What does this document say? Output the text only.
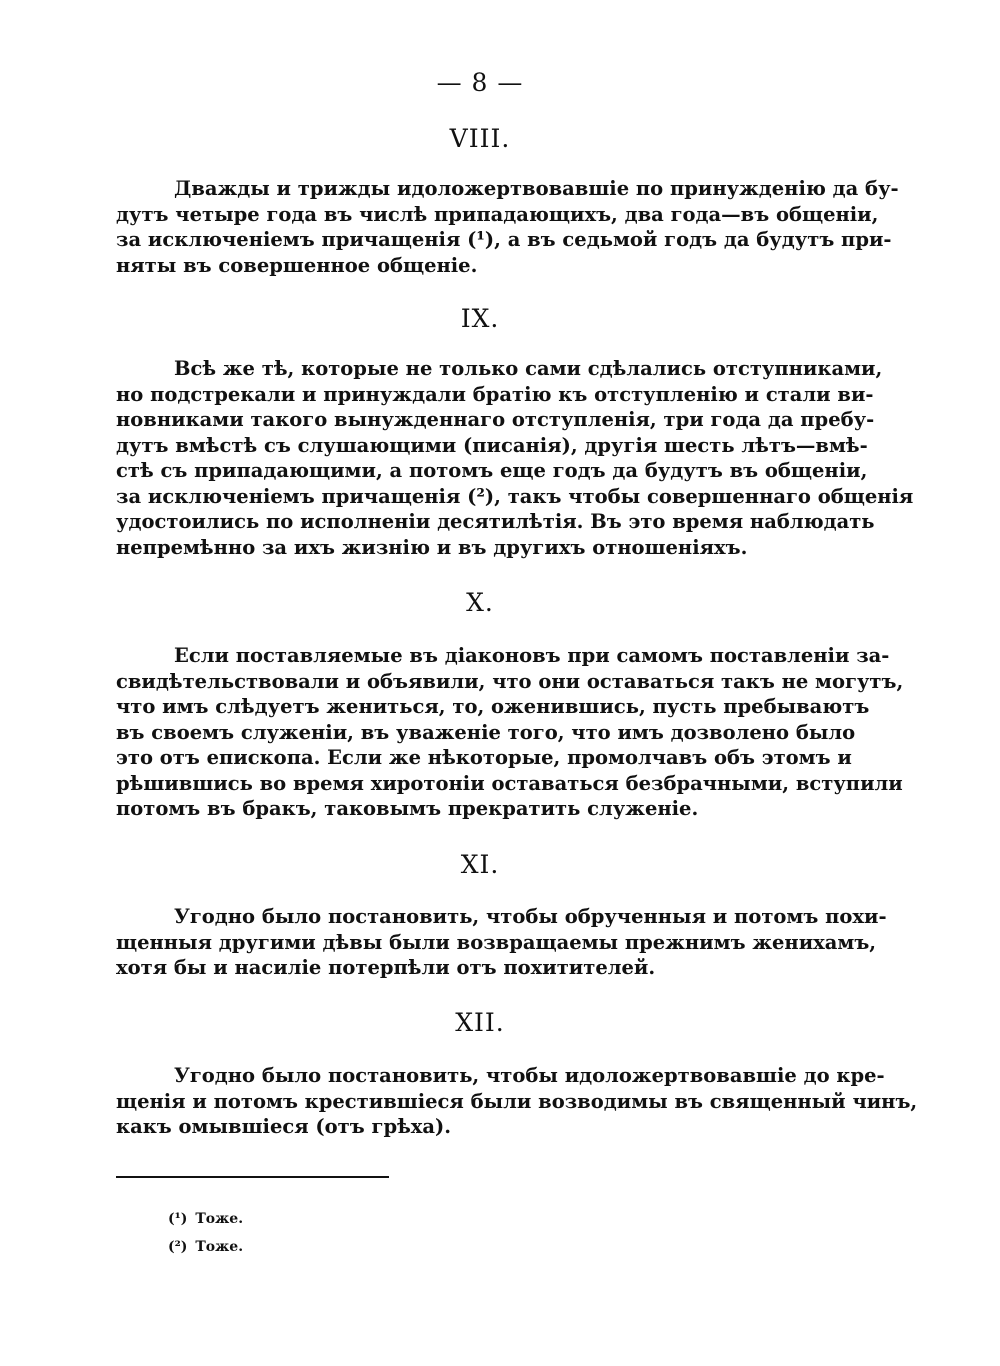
— 8 —
VIII.
Дважды и трижды идоложертвовавшіе по принужденію да бу-
дутъ четыре года въ числѣ припадающихъ, два года—въ общеніи,
за исключеніемъ причащенія (¹), а въ седьмой годъ да будутъ при-
няты въ совершенное общеніе.
IX.
Всѣ же тѣ, которые не только сами сдѣлались отступниками,
но подстрекали и принуждали братію къ отступленію и стали ви-
новниками такого вынужденнаго отступленія, три года да пребу-
дутъ вмѣстѣ съ слушающими (писанія), другія шесть лѣтъ—вмѣ-
стѣ съ припадающими, а потомъ еще годъ да будутъ въ общеніи,
за исключеніемъ причащенія (²), такъ чтобы совершеннаго общенія
удостоились по исполненіи десятилѣтія. Въ это время наблюдать
непремѣнно за ихъ жизнію и въ другихъ отношеніяхъ.
X.
Если поставляемые въ діаконовъ при самомъ поставленіи за-
свидѣтельствовали и объявили, что они оставаться такъ не могутъ,
что имъ слѣдуетъ жениться, то, оженившись, пусть пребываютъ
въ своемъ служеніи, въ уваженіе того, что имъ дозволено было
это отъ епископа. Если же нѣкоторые, промолчавъ объ этомъ и
рѣшившись во время хиротоніи оставаться безбрачными, вступили
потомъ въ бракъ, таковымъ прекратить служеніе.
XI.
Угодно было постановить, чтобы обрученныя и потомъ похи-
щенныя другими дѣвы были возвращаемы прежнимъ женихамъ,
хотя бы и насиліе потерпѣли отъ похитителей.
XII.
Угодно было постановить, чтобы идоложертвовавшіе до кре-
щенія и потомъ крестившіеся были возводимы въ священный чинъ,
какъ омывшіеся (отъ грѣха).
(¹) Тоже.
(²) Тоже.
